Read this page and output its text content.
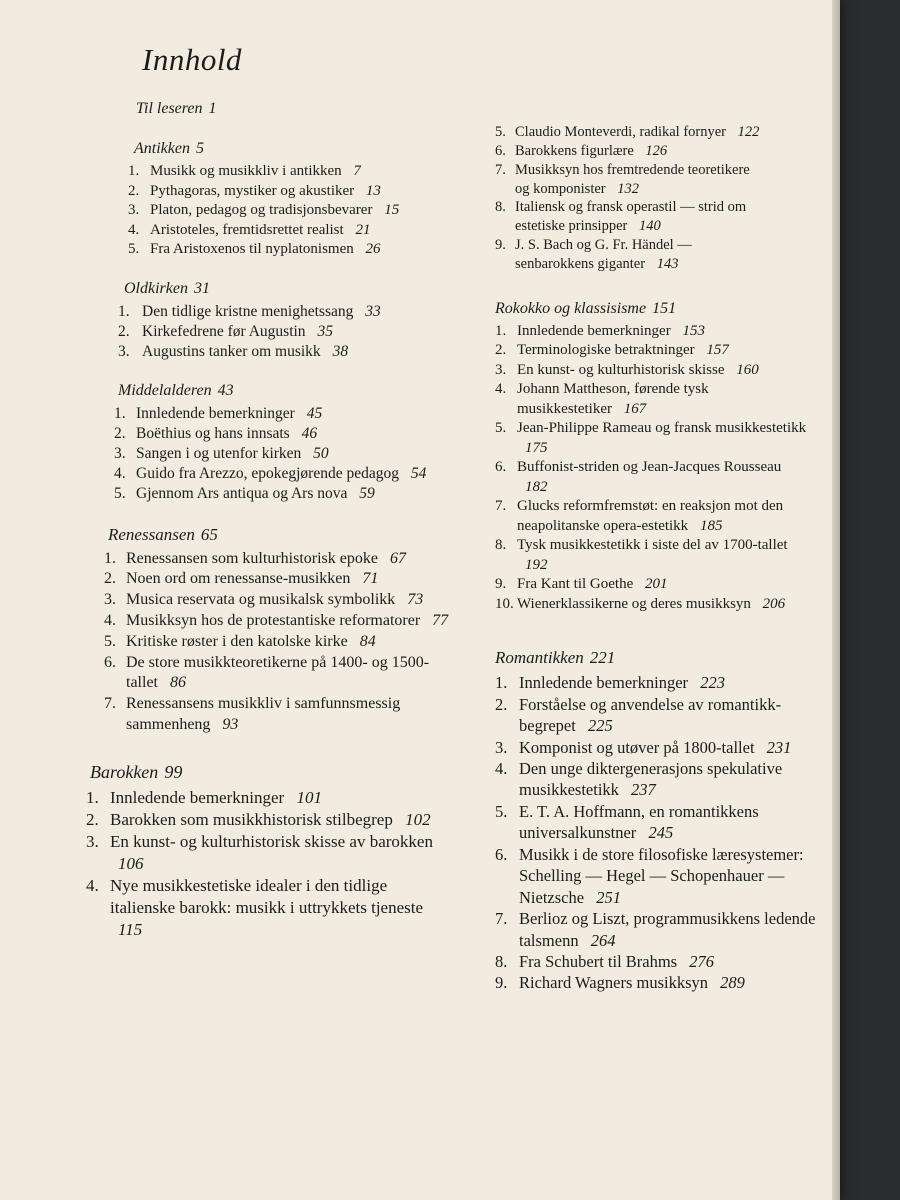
Innhold
Til leseren 1
Antikken 5
1. Musikk og musikkliv i antikken 7
2. Pythagoras, mystiker og akustiker 13
3. Platon, pedagog og tradisjonsbevarer 15
4. Aristoteles, fremtidsrettet realist 21
5. Fra Aristoxenos til nyplatonismen 26
Oldkirken 31
1. Den tidlige kristne menighetssang 33
2. Kirkefedrene før Augustin 35
3. Augustins tanker om musikk 38
Middelalderen 43
1. Innledende bemerkninger 45
2. Boëthius og hans innsats 46
3. Sangen i og utenfor kirken 50
4. Guido fra Arezzo, epokegjørende pedagog 54
5. Gjennom Ars antiqua og Ars nova 59
Renessansen 65
1. Renessansen som kulturhistorisk epoke 67
2. Noen ord om renessanse-musikken 71
3. Musica reservata og musikalsk symbolikk 73
4. Musikksyn hos de protestantiske reformatorer 77
5. Kritiske røster i den katolske kirke 84
6. De store musikkteoretikerne på 1400- og 1500-tallet 86
7. Renessansens musikkliv i samfunnsmessig sammenheng 93
Barokken 99
1. Innledende bemerkninger 101
2. Barokken som musikkhistorisk stilbegrep 102
3. En kunst- og kulturhistorisk skisse av barokken 106
4. Nye musikkestetiske idealer i den tidlige italienske barokk: musikk i uttrykkets tjeneste 115
5. Claudio Monteverdi, radikal fornyer 122
6. Barokkens figurlære 126
7. Musikksyn hos fremtredende teoretikere og komponister 132
8. Italiensk og fransk operastil — strid om estetiske prinsipper 140
9. J. S. Bach og G. Fr. Händel — senbarokkens giganter 143
Rokokko og klassisisme 151
1. Innledende bemerkninger 153
2. Terminologiske betraktninger 157
3. En kunst- og kulturhistorisk skisse 160
4. Johann Mattheson, førende tysk musikkestetiker 167
5. Jean-Philippe Rameau og fransk musikkestetikk 175
6. Buffonist-striden og Jean-Jacques Rousseau 182
7. Glucks reformfremstøt: en reaksjon mot den neapolitanske opera-estetikk 185
8. Tysk musikkestetikk i siste del av 1700-tallet 192
9. Fra Kant til Goethe 201
10. Wienerklassikerne og deres musikksyn 206
Romantikken 221
1. Innledende bemerkninger 223
2. Forståelse og anvendelse av romantikk-begrepet 225
3. Komponist og utøver på 1800-tallet 231
4. Den unge diktergenerasjons spekulative musikkestetikk 237
5. E. T. A. Hoffmann, en romantikkens universalkunstner 245
6. Musikk i de store filosofiske læresystemer: Schelling — Hegel — Schopenhauer — Nietzsche 251
7. Berlioz og Liszt, programmusikkens ledende talsmenn 264
8. Fra Schubert til Brahms 276
9. Richard Wagners musikksyn 289
